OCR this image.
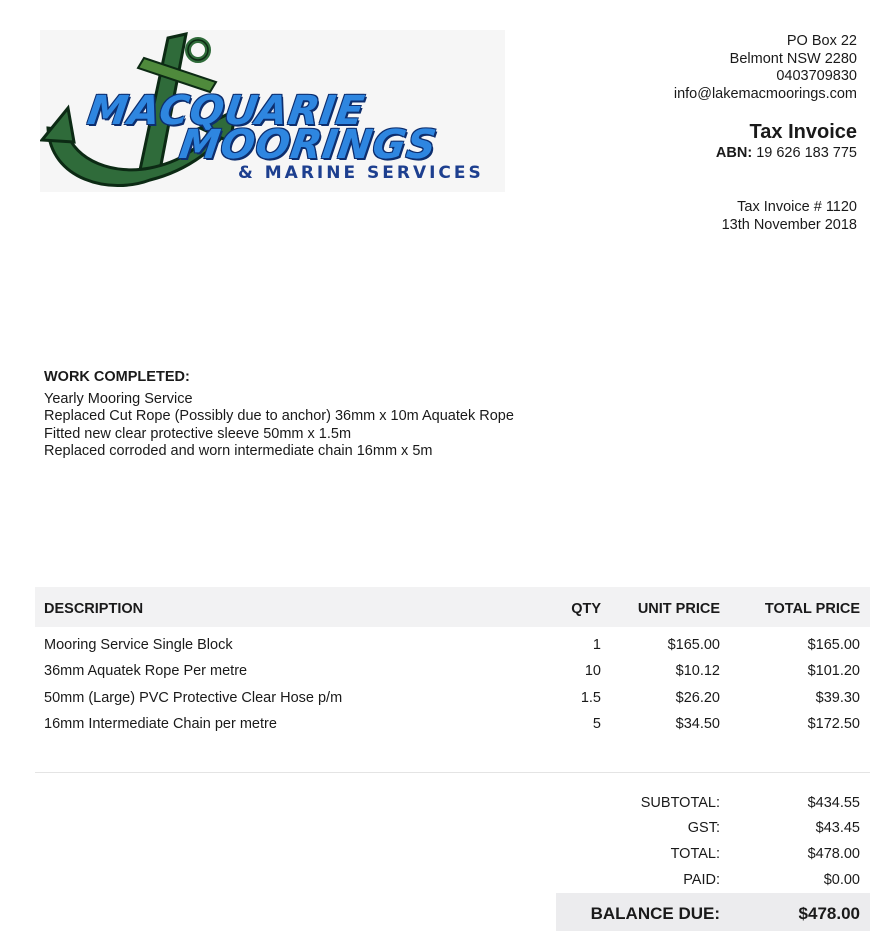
MACQUARIE
MOORINGS
& MARINE SERVICES
PO Box 22
Belmont NSW 2280
0403709830
info@lakemacmoorings.com
Tax Invoice
ABN: 19 626 183 775
Tax Invoice # 1120
13th November 2018
WORK COMPLETED:
Yearly Mooring Service
Replaced Cut Rope (Possibly due to anchor) 36mm x 10m Aquatek Rope
Fitted new clear protective sleeve 50mm x 1.5m
Replaced corroded and worn intermediate chain 16mm x 5m
DESCRIPTION	QTY	UNIT PRICE	TOTAL PRICE
Mooring Service Single Block	1	$165.00	$165.00
36mm Aquatek Rope Per metre	10	$10.12	$101.20
50mm (Large) PVC Protective Clear Hose p/m	1.5	$26.20	$39.30
16mm Intermediate Chain per metre	5	$34.50	$172.50
SUBTOTAL:	$434.55
GST:	$43.45
TOTAL:	$478.00
PAID:	$0.00
BALANCE DUE:	$478.00
